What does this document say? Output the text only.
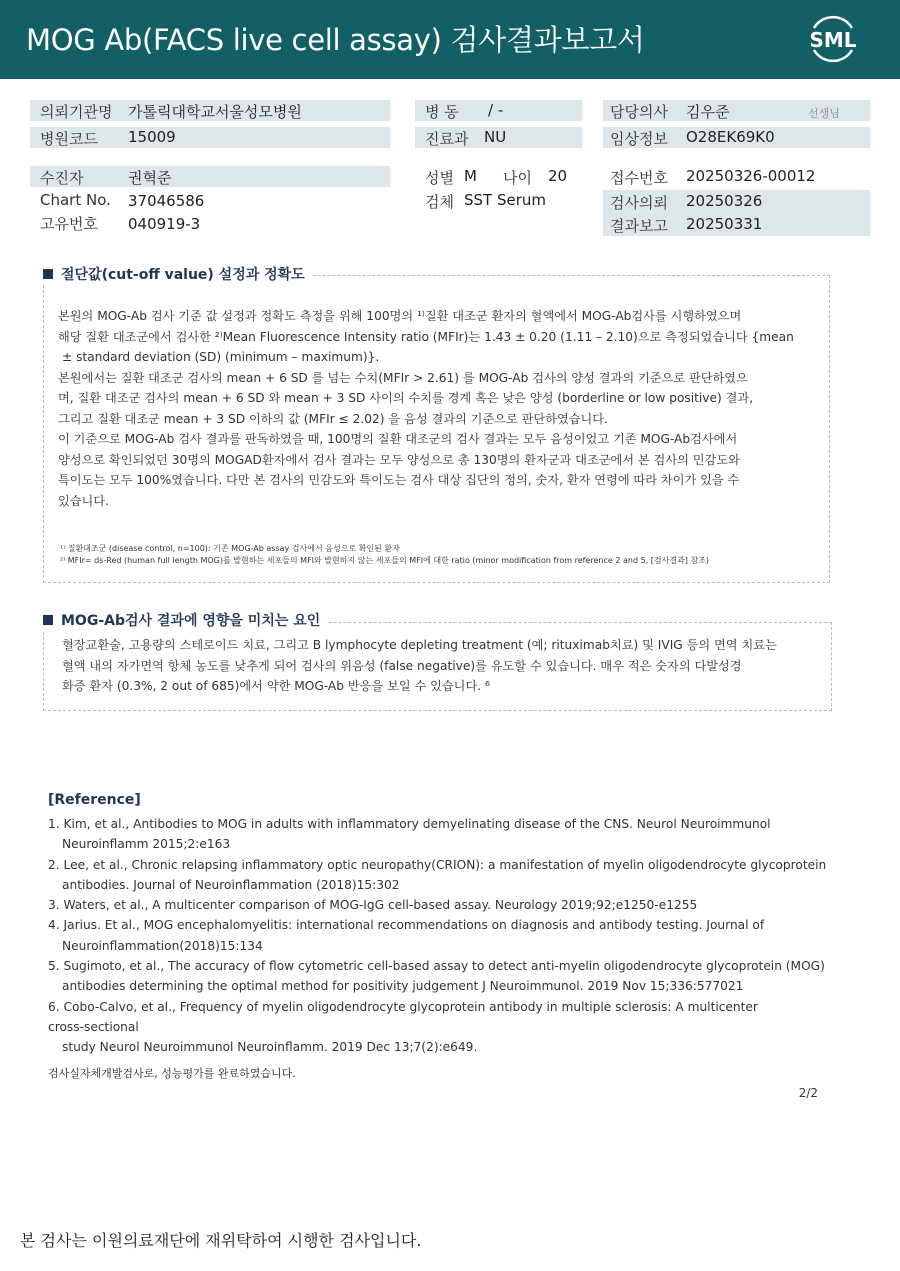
MOG Ab(FACS live cell assay) 검사결과보고서	SML
의뢰기관명 가톨릭대학교서울성모병원
병원코드 15009
병 동 / -
진료과 NU
담당의사 김우준	선생님
임상정보 O28EK69K0
수진자	권혁준
Chart No. 37046586
고유번호 040919-3
성별 M 나이 20
검체 SST Serum
접수번호 20250326-00012
검사의뢰 20250326
결과보고 20250331
절단값(cut-off value) 설정과 정확도

본원의 MOG-Ab 검사 기준 값 설정과 정확도 측정을 위해 100명의 ¹⁾질환 대조군 환자의 혈액에서 MOG-Ab검사를 시행하였으며

해당 질환 대조군에서 검사한 ²⁾Mean Fluorescence Intensity ratio (MFIr)는 1.43 ± 0.20 (1.11 – 2.10)으로 측정되었습니다 {mean

± standard deviation (SD) (minimum – maximum)}.

본원에서는 질환 대조군 검사의 mean + 6 SD 를 넘는 수치(MFIr > 2.61) 를 MOG-Ab 검사의 양성 결과의 기준으로 판단하였으

며, 질환 대조군 검사의 mean + 6 SD 와 mean + 3 SD 사이의 수치를 경계 혹은 낮은 양성 (borderline or low positive) 결과,

그리고 질환 대조군 mean + 3 SD 이하의 값 (MFIr ≤ 2.02) 을 음성 결과의 기준으로 판단하였습니다.

이 기준으로 MOG-Ab 검사 결과를 판독하였을 때, 100명의 질환 대조군의 검사 결과는 모두 음성이었고 기존 MOG-Ab검사에서

양성으로 확인되었던 30명의 MOGAD환자에서 검사 결과는 모두 양성으로 총 130명의 환자군과 대조군에서 본 검사의 민감도와

특이도는 모두 100%였습니다. 다만 본 검사의 민감도와 특이도는 검사 대상 집단의 정의, 숫자, 환자 연령에 따라 차이가 있을 수

있습니다.

¹⁾ 질환대조군 (disease control, n=100): 기존 MOG-Ab assay 검사에서 음성으로 확인된 환자
²⁾ MFIr= ds-Red (human full length MOG)를 발현하는 세포들의 MFI와 발현하지 않는 세포들의 MFI에 대한 ratio (minor modification from reference 2 and 5, [검사결과] 참조)
MOG-Ab검사 결과에 영향을 미치는 요인

혈장교환술, 고용량의 스테로이드 치료, 그리고 B lymphocyte depleting treatment (예; rituximab치료) 및 IVIG 등의 면역 치료는

혈액 내의 자가면역 항체 농도를 낮추게 되어 검사의 위음성 (false negative)를 유도할 수 있습니다. 매우 적은 숫자의 다발성경

화증 환자 (0.3%, 2 out of 685)에서 약한 MOG-Ab 반응을 보일 수 있습니다. ⁶

[Reference]
1. Kim, et al., Antibodies to MOG in adults with inflammatory demyelinating disease of the CNS. Neurol Neuroimmunol
Neuroinflamm 2015;2:e163
2. Lee, et al., Chronic relapsing inflammatory optic neuropathy(CRION): a manifestation of myelin oligodendrocyte glycoprotein
antibodies. Journal of Neuroinflammation (2018)15:302
3. Waters, et al., A multicenter comparison of MOG-IgG cell-based assay. Neurology 2019;92;e1250-e1255
4. Jarius. Et al., MOG encephalomyelitis: international recommendations on diagnosis and antibody testing. Journal of
Neuroinflammation(2018)15:134
5. Sugimoto, et al., The accuracy of flow cytometric cell-based assay to detect anti-myelin oligodendrocyte glycoprotein (MOG)
antibodies determining the optimal method for positivity judgement J Neuroimmunol. 2019 Nov 15;336:577021
6. Cobo-Calvo, et al., Frequency of myelin oligodendrocyte glycoprotein antibody in multiple sclerosis: A multicenter
cross-sectional
study Neurol Neuroimmunol Neuroinflamm. 2019 Dec 13;7(2):e649.
검사실자체개발검사로, 성능평가를 완료하였습니다.
2/2
본 검사는 이원의료재단에 재위탁하여 시행한 검사입니다.
